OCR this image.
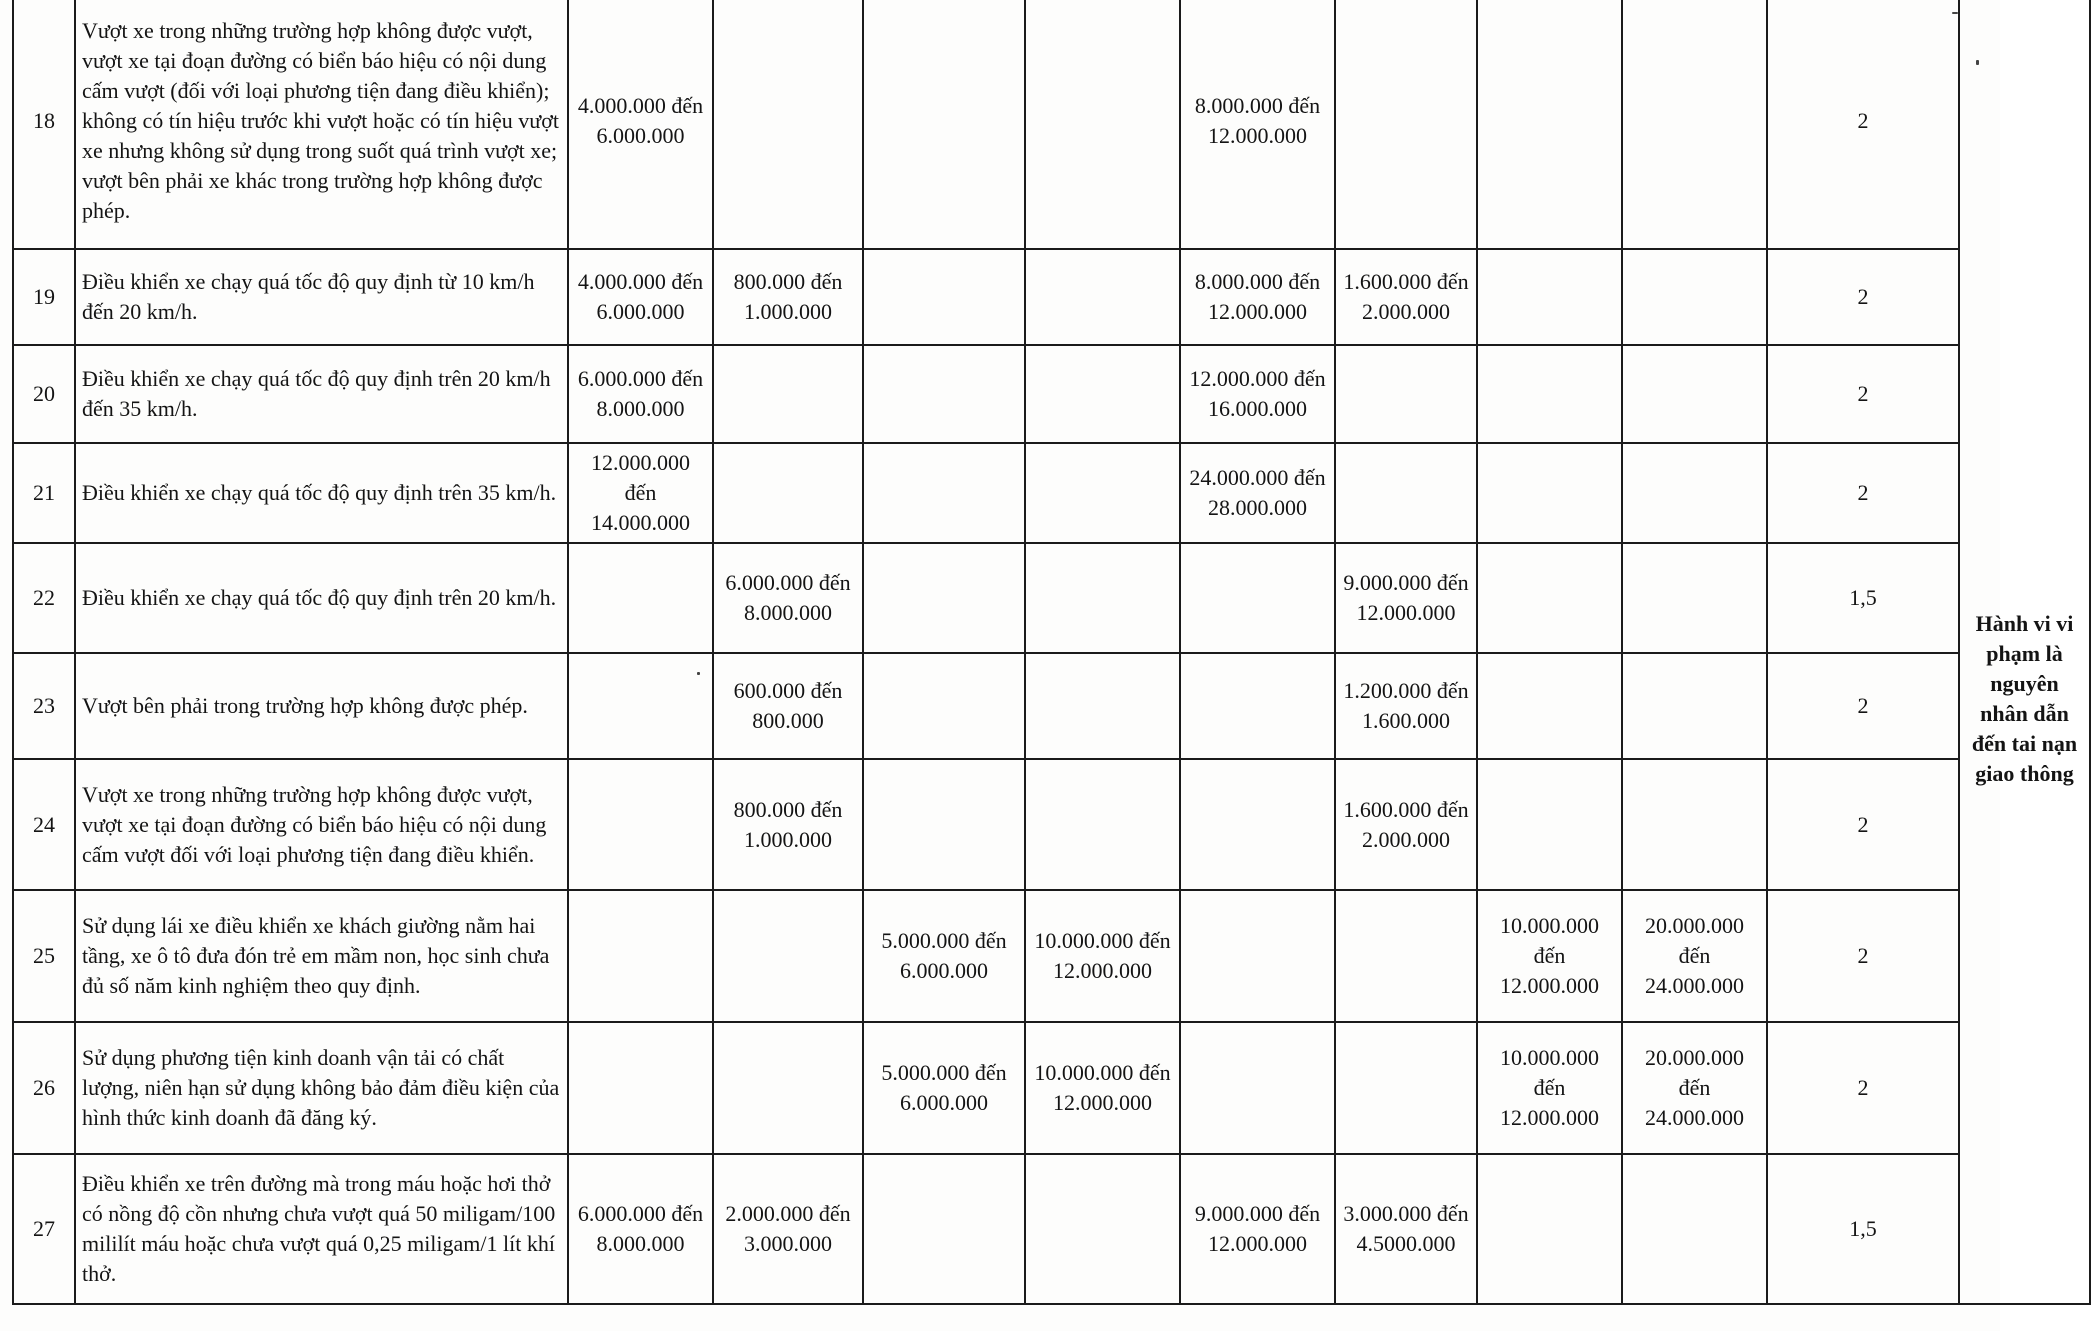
18	Vượt xe trong những trường hợp không được vượt, vượt xe tại đoạn đường có biển báo hiệu có nội dung cấm vượt (đối với loại phương tiện đang điều khiển); không có tín hiệu trước khi vượt hoặc có tín hiệu vượt xe nhưng không sử dụng trong suốt quá trình vượt xe; vượt bên phải xe khác trong trường hợp không được phép.	4.000.000 đến 6.000.000				8.000.000 đến 12.000.000				2	Hành vi vi phạm là nguyên nhân dẫn đến tai nạn giao thông
19	Điều khiển xe chạy quá tốc độ quy định từ 10 km/h đến 20 km/h.	4.000.000 đến 6.000.000	800.000 đến 1.000.000			8.000.000 đến 12.000.000	1.600.000 đến 2.000.000			2	
20	Điều khiển xe chạy quá tốc độ quy định trên 20 km/h đến 35 km/h.	6.000.000 đến 8.000.000				12.000.000 đến 16.000.000				2	
21	Điều khiển xe chạy quá tốc độ quy định trên 35 km/h.	12.000.000 đến 14.000.000				24.000.000 đến 28.000.000				2	
22	Điều khiển xe chạy quá tốc độ quy định trên 20 km/h.		6.000.000 đến 8.000.000				9.000.000 đến 12.000.000			1,5	
23	Vượt bên phải trong trường hợp không được phép.		600.000 đến 800.000				1.200.000 đến 1.600.000			2	
24	Vượt xe trong những trường hợp không được vượt, vượt xe tại đoạn đường có biển báo hiệu có nội dung cấm vượt đối với loại phương tiện đang điều khiển.		800.000 đến 1.000.000				1.600.000 đến 2.000.000			2	
25	Sử dụng lái xe điều khiển xe khách giường nằm hai tầng, xe ô tô đưa đón trẻ em mầm non, học sinh chưa đủ số năm kinh nghiệm theo quy định.			5.000.000 đến 6.000.000	10.000.000 đến 12.000.000			10.000.000 đến 12.000.000	20.000.000 đến 24.000.000	2	
26	Sử dụng phương tiện kinh doanh vận tải có chất lượng, niên hạn sử dụng không bảo đảm điều kiện của hình thức kinh doanh đã đăng ký.			5.000.000 đến 6.000.000	10.000.000 đến 12.000.000			10.000.000 đến 12.000.000	20.000.000 đến 24.000.000	2	
27	Điều khiển xe trên đường mà trong máu hoặc hơi thở có nồng độ cồn nhưng chưa vượt quá 50 miligam/100 mililít máu hoặc chưa vượt quá 0,25 miligam/1 lít khí thở.	6.000.000 đến 8.000.000	2.000.000 đến 3.000.000			9.000.000 đến 12.000.000	3.000.000 đến 4.5000.000			1,5	
